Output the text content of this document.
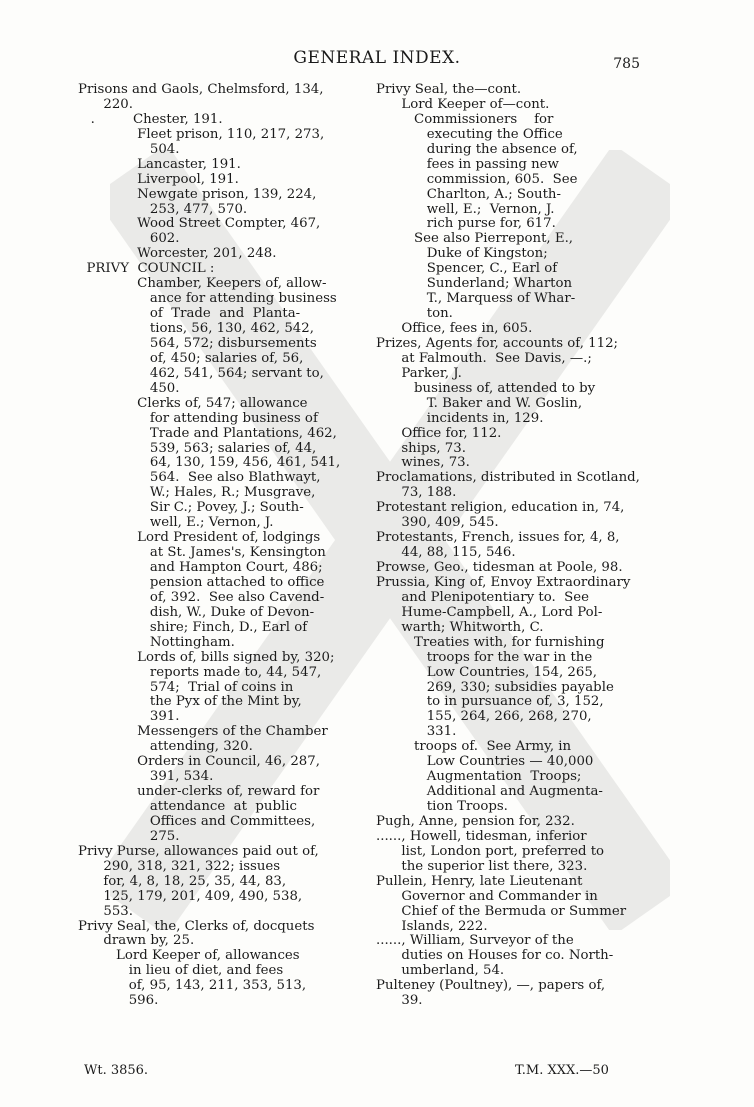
GENERAL INDEX.	785
Prisons and Gaols, Chelmsford, 134,
220.
.         Chester, 191.
Fleet prison, 110, 217, 273,
504.
Lancaster, 191.
Liverpool, 191.
Newgate prison, 139, 224,
253, 477, 570.
Wood Street Compter, 467,
602.
Worcester, 201, 248.
PRIVY  COUNCIL :
Chamber, Keepers of, allow-
ance for attending business
of  Trade  and  Planta-
tions, 56, 130, 462, 542,
564, 572; disbursements
of, 450; salaries of, 56,
462, 541, 564; servant to,
450.
Clerks of, 547; allowance
for attending business of
Trade and Plantations, 462,
539, 563; salaries of, 44,
64, 130, 159, 456, 461, 541,
564.  See also Blathwayt,
W.; Hales, R.; Musgrave,
Sir C.; Povey, J.; South-
well, E.; Vernon, J.
Lord President of, lodgings
at St. James's, Kensington
and Hampton Court, 486;
pension attached to office
of, 392.  See also Cavend-
dish, W., Duke of Devon-
shire; Finch, D., Earl of
Nottingham.
Lords of, bills signed by, 320;
reports made to, 44, 547,
574;  Trial of coins in
the Pyx of the Mint by,
391.
Messengers of the Chamber
attending, 320.
Orders in Council, 46, 287,
391, 534.
under-clerks of, reward for
attendance  at  public
Offices and Committees,
275.
Privy Purse, allowances paid out of,
290, 318, 321, 322; issues
for, 4, 8, 18, 25, 35, 44, 83,
125, 179, 201, 409, 490, 538,
553.
Privy Seal, the, Clerks of, docquets
drawn by, 25.
Lord Keeper of, allowances
in lieu of diet, and fees
of, 95, 143, 211, 353, 513,
596.
Privy Seal, the—cont.
Lord Keeper of—cont.
Commissioners    for
executing the Office
during the absence of,
fees in passing new
commission, 605.  See
Charlton, A.; South-
well, E.;  Vernon, J.
rich purse for, 617.
See also Pierrepont, E.,
Duke of Kingston;
Spencer, C., Earl of
Sunderland; Wharton
T., Marquess of Whar-
ton.
Office, fees in, 605.
Prizes, Agents for, accounts of, 112;
at Falmouth.  See Davis, —.;
Parker, J.
business of, attended to by
T. Baker and W. Goslin,
incidents in, 129.
Office for, 112.
ships, 73.
wines, 73.
Proclamations, distributed in Scotland,
73, 188.
Protestant religion, education in, 74,
390, 409, 545.
Protestants, French, issues for, 4, 8,
44, 88, 115, 546.
Prowse, Geo., tidesman at Poole, 98.
Prussia, King of, Envoy Extraordinary
and Plenipotentiary to.  See
Hume-Campbell, A., Lord Pol-
warth; Whitworth, C.
Treaties with, for furnishing
troops for the war in the
Low Countries, 154, 265,
269, 330; subsidies payable
to in pursuance of, 3, 152,
155, 264, 266, 268, 270,
331.
troops of.  See Army, in
Low Countries — 40,000
Augmentation  Troops;
Additional and Augmenta-
tion Troops.
Pugh, Anne, pension for, 232.
......, Howell, tidesman, inferior
list, London port, preferred to
the superior list there, 323.
Pullein, Henry, late Lieutenant
Governor and Commander in
Chief of the Bermuda or Summer
Islands, 222.
......, William, Surveyor of the
duties on Houses for co. North-
umberland, 54.
Pulteney (Poultney), —, papers of,
39.
Wt. 3856.	T.M. XXX.—50
